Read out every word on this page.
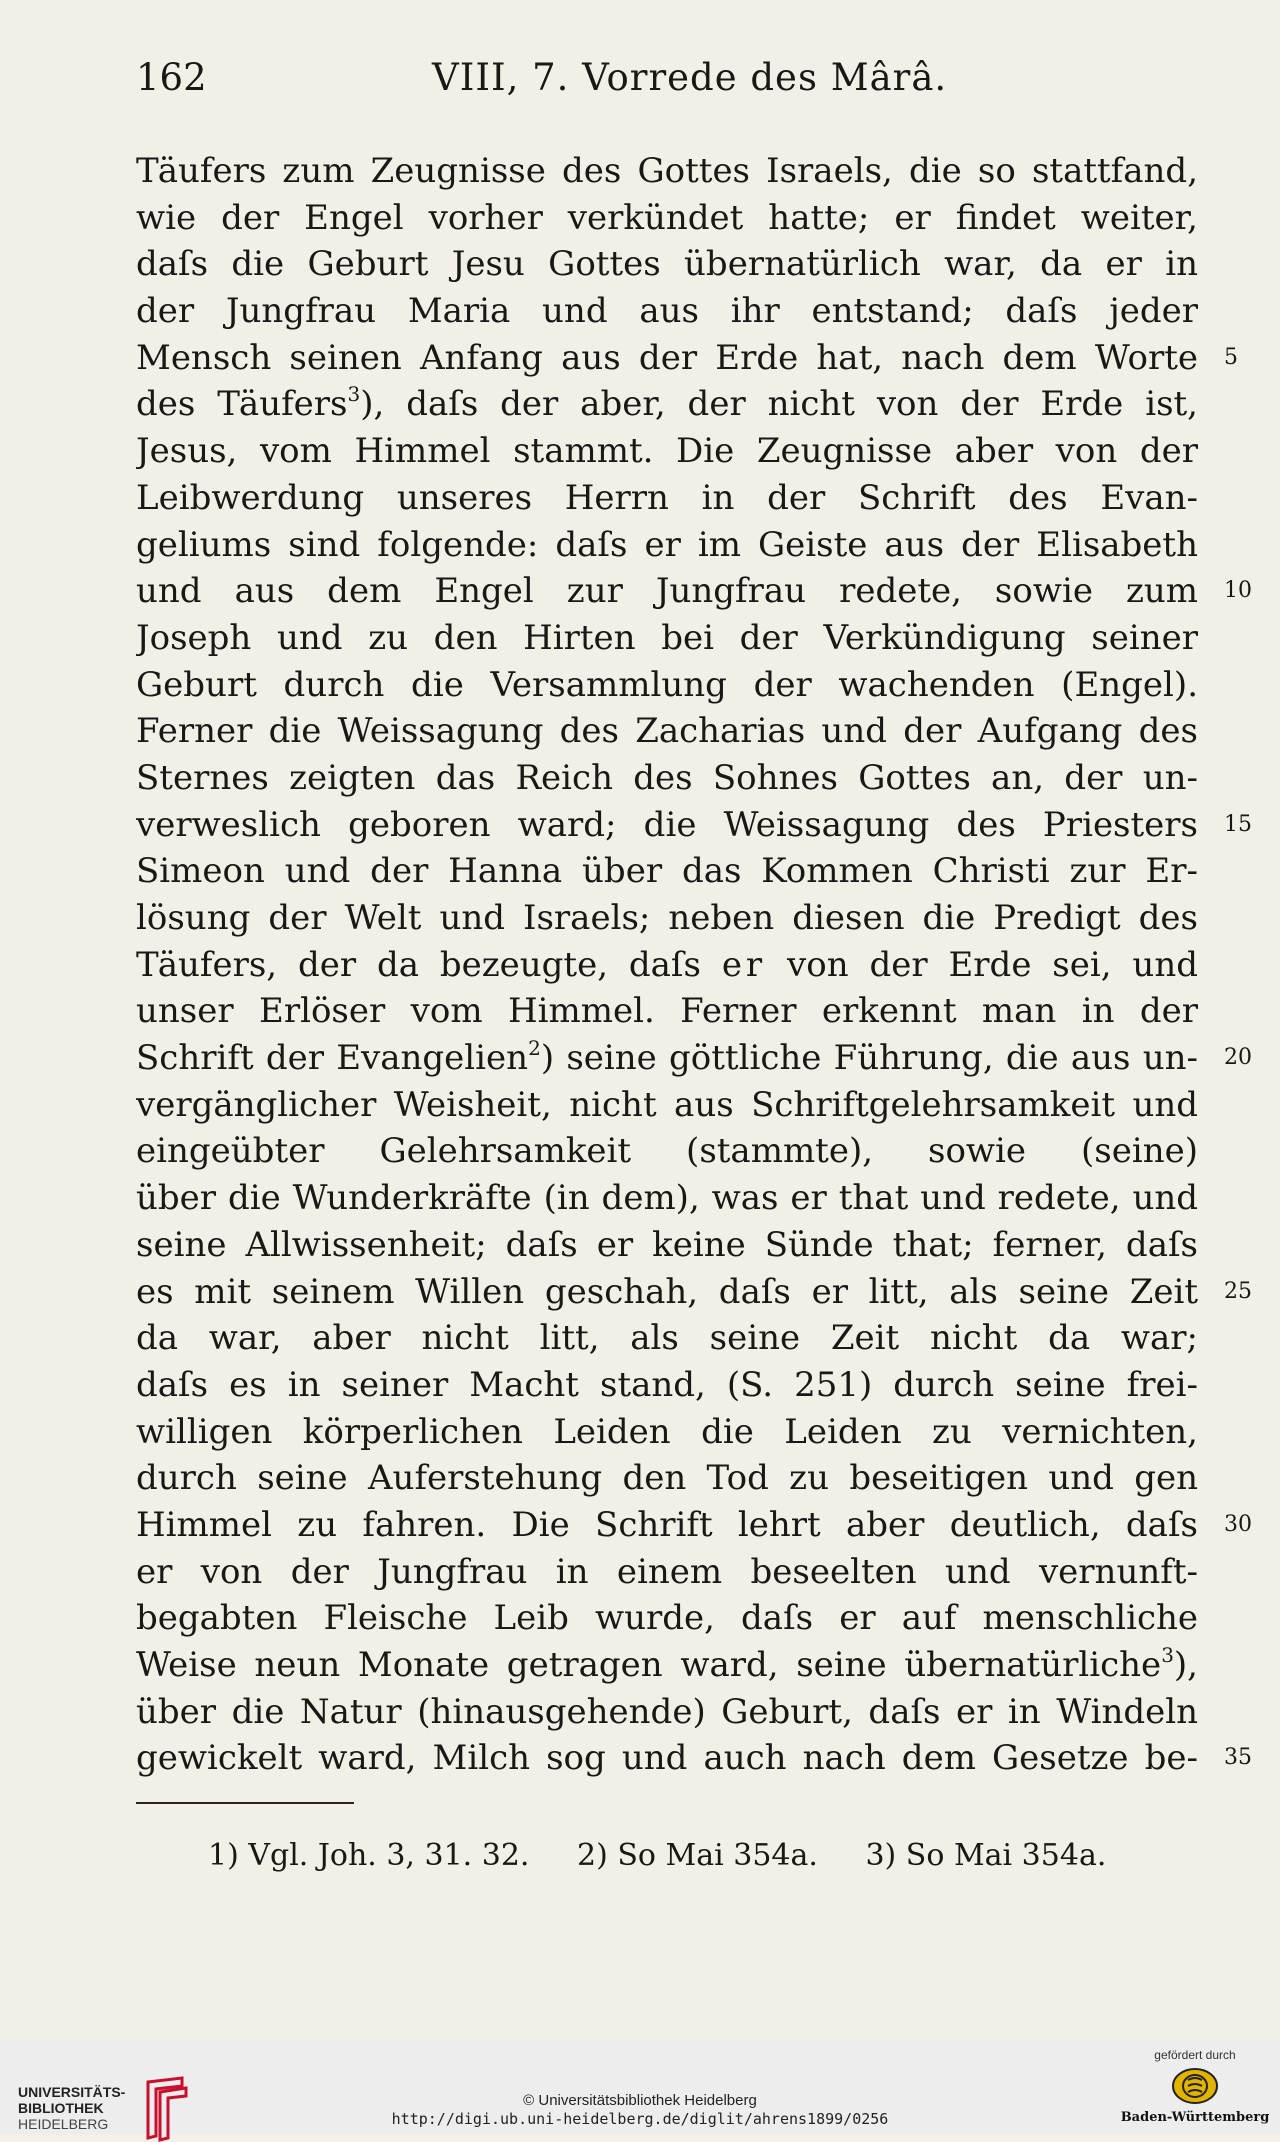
162	VIII, 7. Vorrede des Mârâ.
Täufers zum Zeugnisse des Gottes Israels, die so stattfand,
wie der Engel vorher verkündet hatte; er findet weiter,
daſs die Geburt Jesu Gottes übernatürlich war, da er in
der Jungfrau Maria und aus ihr entstand; daſs jeder
Mensch seinen Anfang aus der Erde hat, nach dem Worte 5
des Täufers$^3$), daſs der aber, der nicht von der Erde ist,
Jesus, vom Himmel stammt. Die Zeugnisse aber von der
Leibwerdung unseres Herrn in der Schrift des Evan-
geliums sind folgende: daſs er im Geiste aus der Elisabeth
und aus dem Engel zur Jungfrau redete, sowie zum 10
Joseph und zu den Hirten bei der Verkündigung seiner
Geburt durch die Versammlung der wachenden (Engel).
Ferner die Weissagung des Zacharias und der Aufgang des
Sternes zeigten das Reich des Sohnes Gottes an, der un-
verweslich geboren ward; die Weissagung des Priesters 15
Simeon und der Hanna über das Kommen Christi zur Er-
lösung der Welt und Israels; neben diesen die Predigt des
Täufers, der da bezeugte, daſs er von der Erde sei, und
unser Erlöser vom Himmel. Ferner erkennt man in der
Schrift der Evangelien$^2$) seine göttliche Führung, die aus un- 20
vergänglicher Weisheit, nicht aus Schriftgelehrsamkeit und
eingeübter Gelehrsamkeit (stammte), sowie (seine)
über die Wunderkräfte (in dem), was er that und redete, und
seine Allwissenheit; daſs er keine Sünde that; ferner, daſs
es mit seinem Willen geschah, daſs er litt, als seine Zeit 25
da war, aber nicht litt, als seine Zeit nicht da war;
daſs es in seiner Macht stand, (S. 251) durch seine frei-
willigen körperlichen Leiden die Leiden zu vernichten,
durch seine Auferstehung den Tod zu beseitigen und gen
Himmel zu fahren. Die Schrift lehrt aber deutlich, daſs 30
er von der Jungfrau in einem beseelten und vernunft-
begabten Fleische Leib wurde, daſs er auf menschliche
Weise neun Monate getragen ward, seine übernatürliche$^3$),
über die Natur (hinausgehende) Geburt, daſs er in Windeln
gewickelt ward, Milch sog und auch nach dem Gesetze be- 35
1) Vgl. Joh. 3, 31. 32. 2) So Mai 354a. 3) So Mai 354a.
UNIVERSITÄTS-
BIBLIOTHEK
HEIDELBERG
© Universitätsbibliothek Heidelberg
http://digi.ub.uni-heidelberg.de/diglit/ahrens1899/0256
gefördert durch
Baden-Württemberg
